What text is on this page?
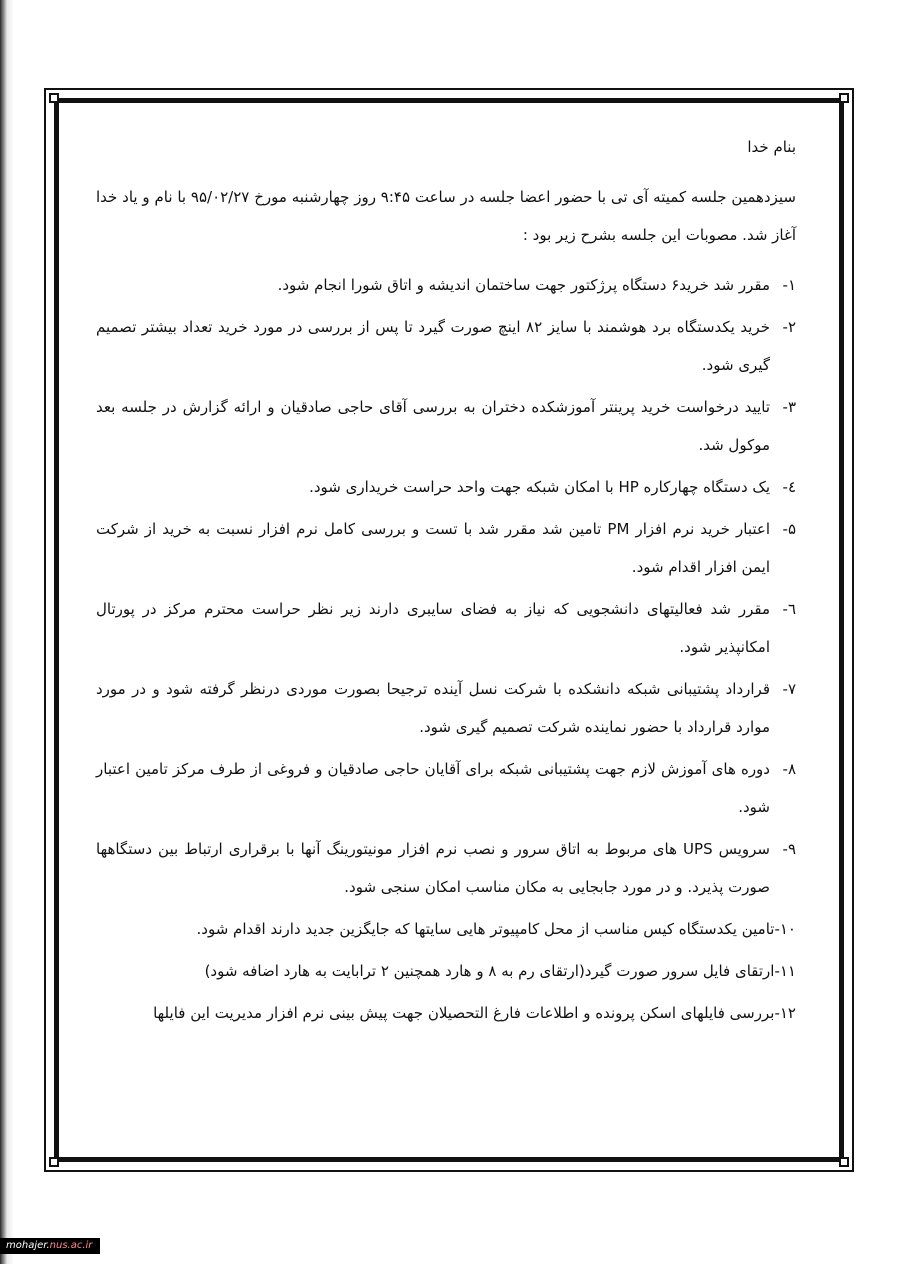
بنام خدا
سیزدهمین جلسه کمیته آی تی با حضور اعضا جلسه در ساعت ۹:۴۵ روز چهارشنبه مورخ ۹۵/۰۲/۲۷ با نام و یاد خدا آغاز شد. مصوبات این جلسه بشرح زیر بود :
۱-
مقرر شد خرید۶ دستگاه پرژکتور جهت ساختمان اندیشه و اتاق شورا انجام شود.
۲-
خرید یکدستگاه برد هوشمند با سایز ۸۲ اینچ صورت گیرد تا پس از بررسی در مورد خرید تعداد بیشتر تصمیم گیری شود.
۳-
تایید درخواست خرید پرینتر آموزشکده دختران به بررسی آقای حاجی صادقیان و ارائه گزارش در جلسه بعد موکول شد.
٤-
یک دستگاه چهارکاره HP با امکان شبکه جهت واحد حراست خریداری شود.
۵-
اعتبار خرید نرم افزار PM تامین شد مقرر شد با تست و بررسی کامل نرم افزار نسبت به خرید از شرکت ایمن افزار اقدام شود.
٦-
مقرر شد فعالیتهای دانشجویی که نیاز به فضای سایبری دارند زیر نظر حراست محترم مرکز در پورتال امکانپذیر شود.
۷-
قرارداد پشتیبانی شبکه دانشکده با شرکت نسل آینده ترجیحا بصورت موردی درنظر گرفته شود و در مورد موارد قرارداد با حضور نماینده شرکت تصمیم گیری شود.
۸-
دوره های آموزش لازم جهت پشتیبانی شبکه برای آقایان حاجی صادقیان و فروغی از طرف مرکز تامین اعتبار شود.
۹-
سرویس UPS های مربوط به اتاق سرور و نصب نرم افزار مونیتورینگ آنها با برقراری ارتباط بین دستگاهها صورت پذیرد. و در مورد جابجایی به مکان مناسب امکان سنجی شود.
۱۰-تامین یکدستگاه کیس مناسب از محل کامپیوتر هایی سایتها که جایگزین جدید دارند اقدام شود.
۱۱-ارتقای فایل سرور صورت گیرد(ارتقای رم به ۸ و هارد همچنین ۲ ترابایت به هارد اضافه شود)
۱۲-بررسی فایلهای اسکن پرونده و اطلاعات فارغ التحصیلان جهت پیش بینی نرم افزار مدیریت این فایلها
mohajer.nus.ac.ir
